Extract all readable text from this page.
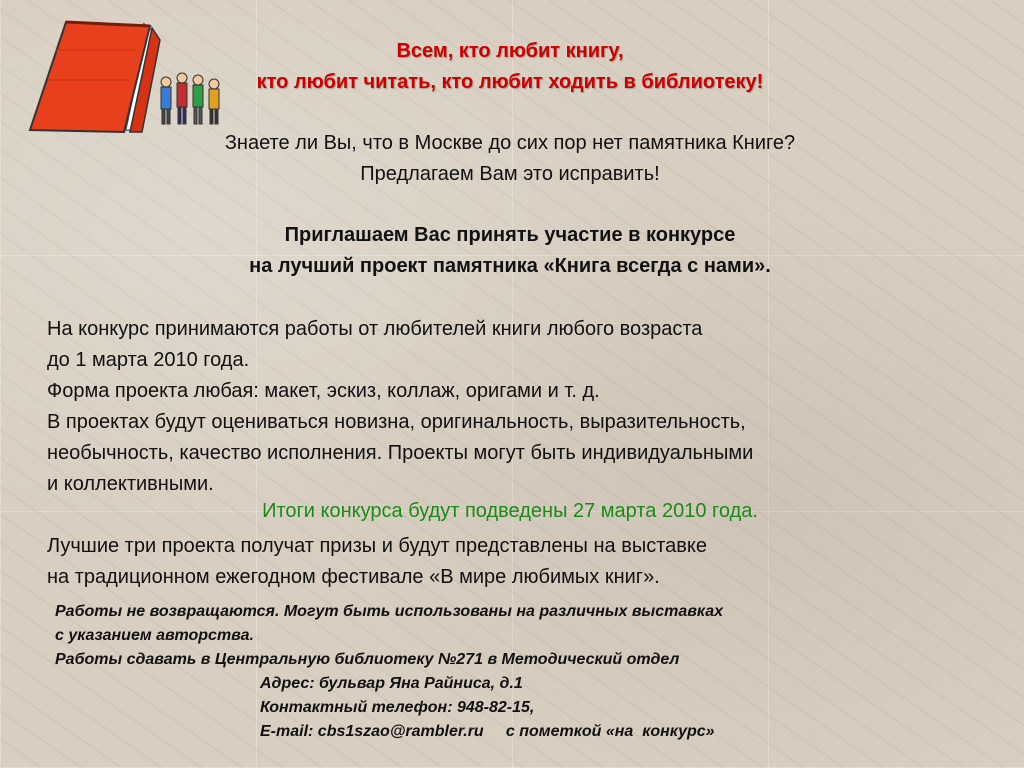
Всем, кто любит книгу,

кто любит читать, кто любит ходить в библиотеку!

Знаете ли Вы, что в Москве до сих пор нет памятника Книге?

Предлагаем Вам это исправить!

Приглашаем Вас принять участие в конкурсе

на лучший проект памятника «Книга всегда с нами».

На конкурс принимаются работы от любителей книги любого возраста

до 1 марта 2010 года.

Форма проекта любая: макет, эскиз, коллаж, оригами и т. д.

В проектах будут оцениваться новизна, оригинальность, выразительность,

необычность, качество исполнения. Проекты могут быть индивидуальными

и коллективными.

Итоги конкурса будут подведены 27 марта 2010 года.

Лучшие три проекта получат призы и будут представлены на выставке

на традиционном ежегодном фестивале «В мире любимых книг».

Работы не возвращаются. Могут быть использованы на различных выставках

с указанием авторства.

Работы сдавать в Центральную библиотеку №271 в Методический отдел

Адрес: бульвар Яна Райниса, д.1

Контактный телефон: 948-82-15,

E-mail: cbs1szao@rambler.ru     с пометкой «на  конкурс»
